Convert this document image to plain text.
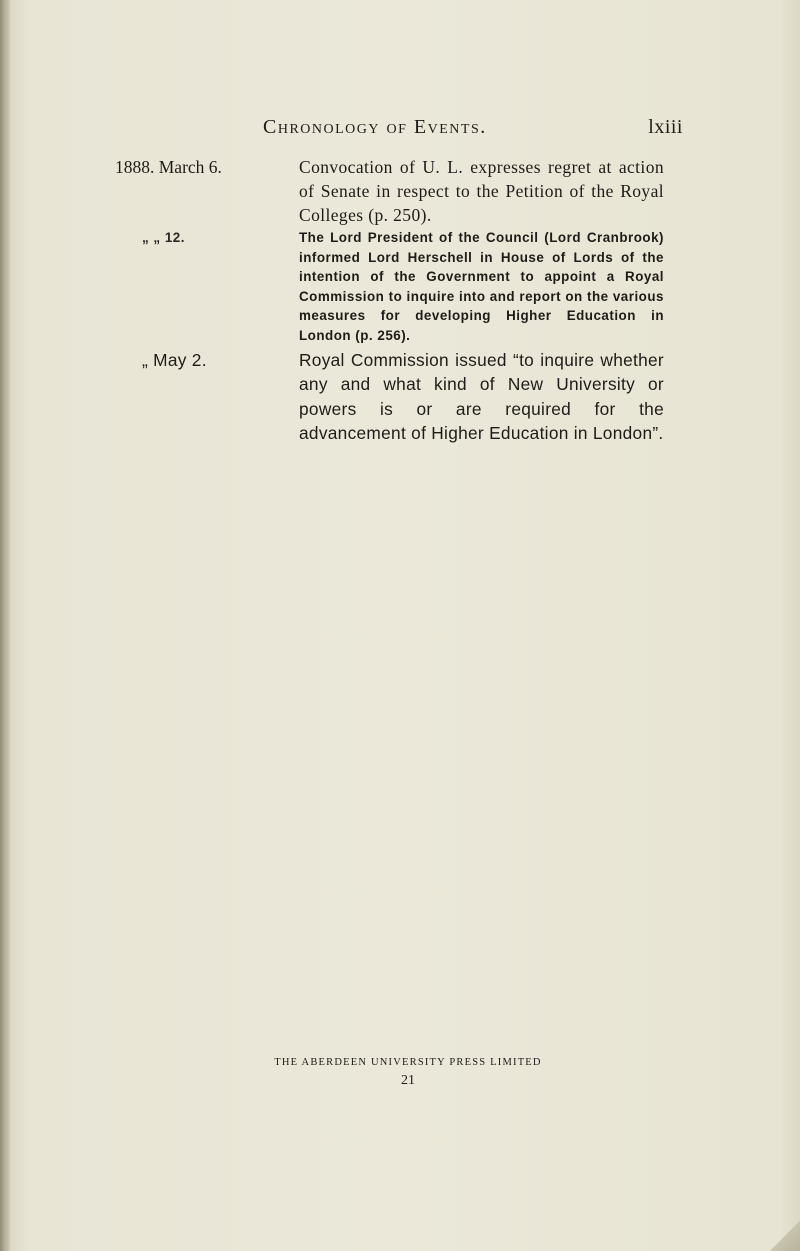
Chronology of Events.	lxiii
1888. March 6.	Convocation of U. L. expresses regret at action of Senate in respect to the Petition of the Royal Colleges (p. 250).
„ „ 12.	The Lord President of the Council (Lord Cranbrook) informed Lord Herschell in House of Lords of the intention of the Government to appoint a Royal Commission to inquire into and report on the various measures for developing Higher Education in London (p. 256).
„ May 2.	Royal Commission issued “to inquire whether any and what kind of New University or powers is or are required for the advancement of Higher Education in London”.
THE ABERDEEN UNIVERSITY PRESS LIMITED
21
